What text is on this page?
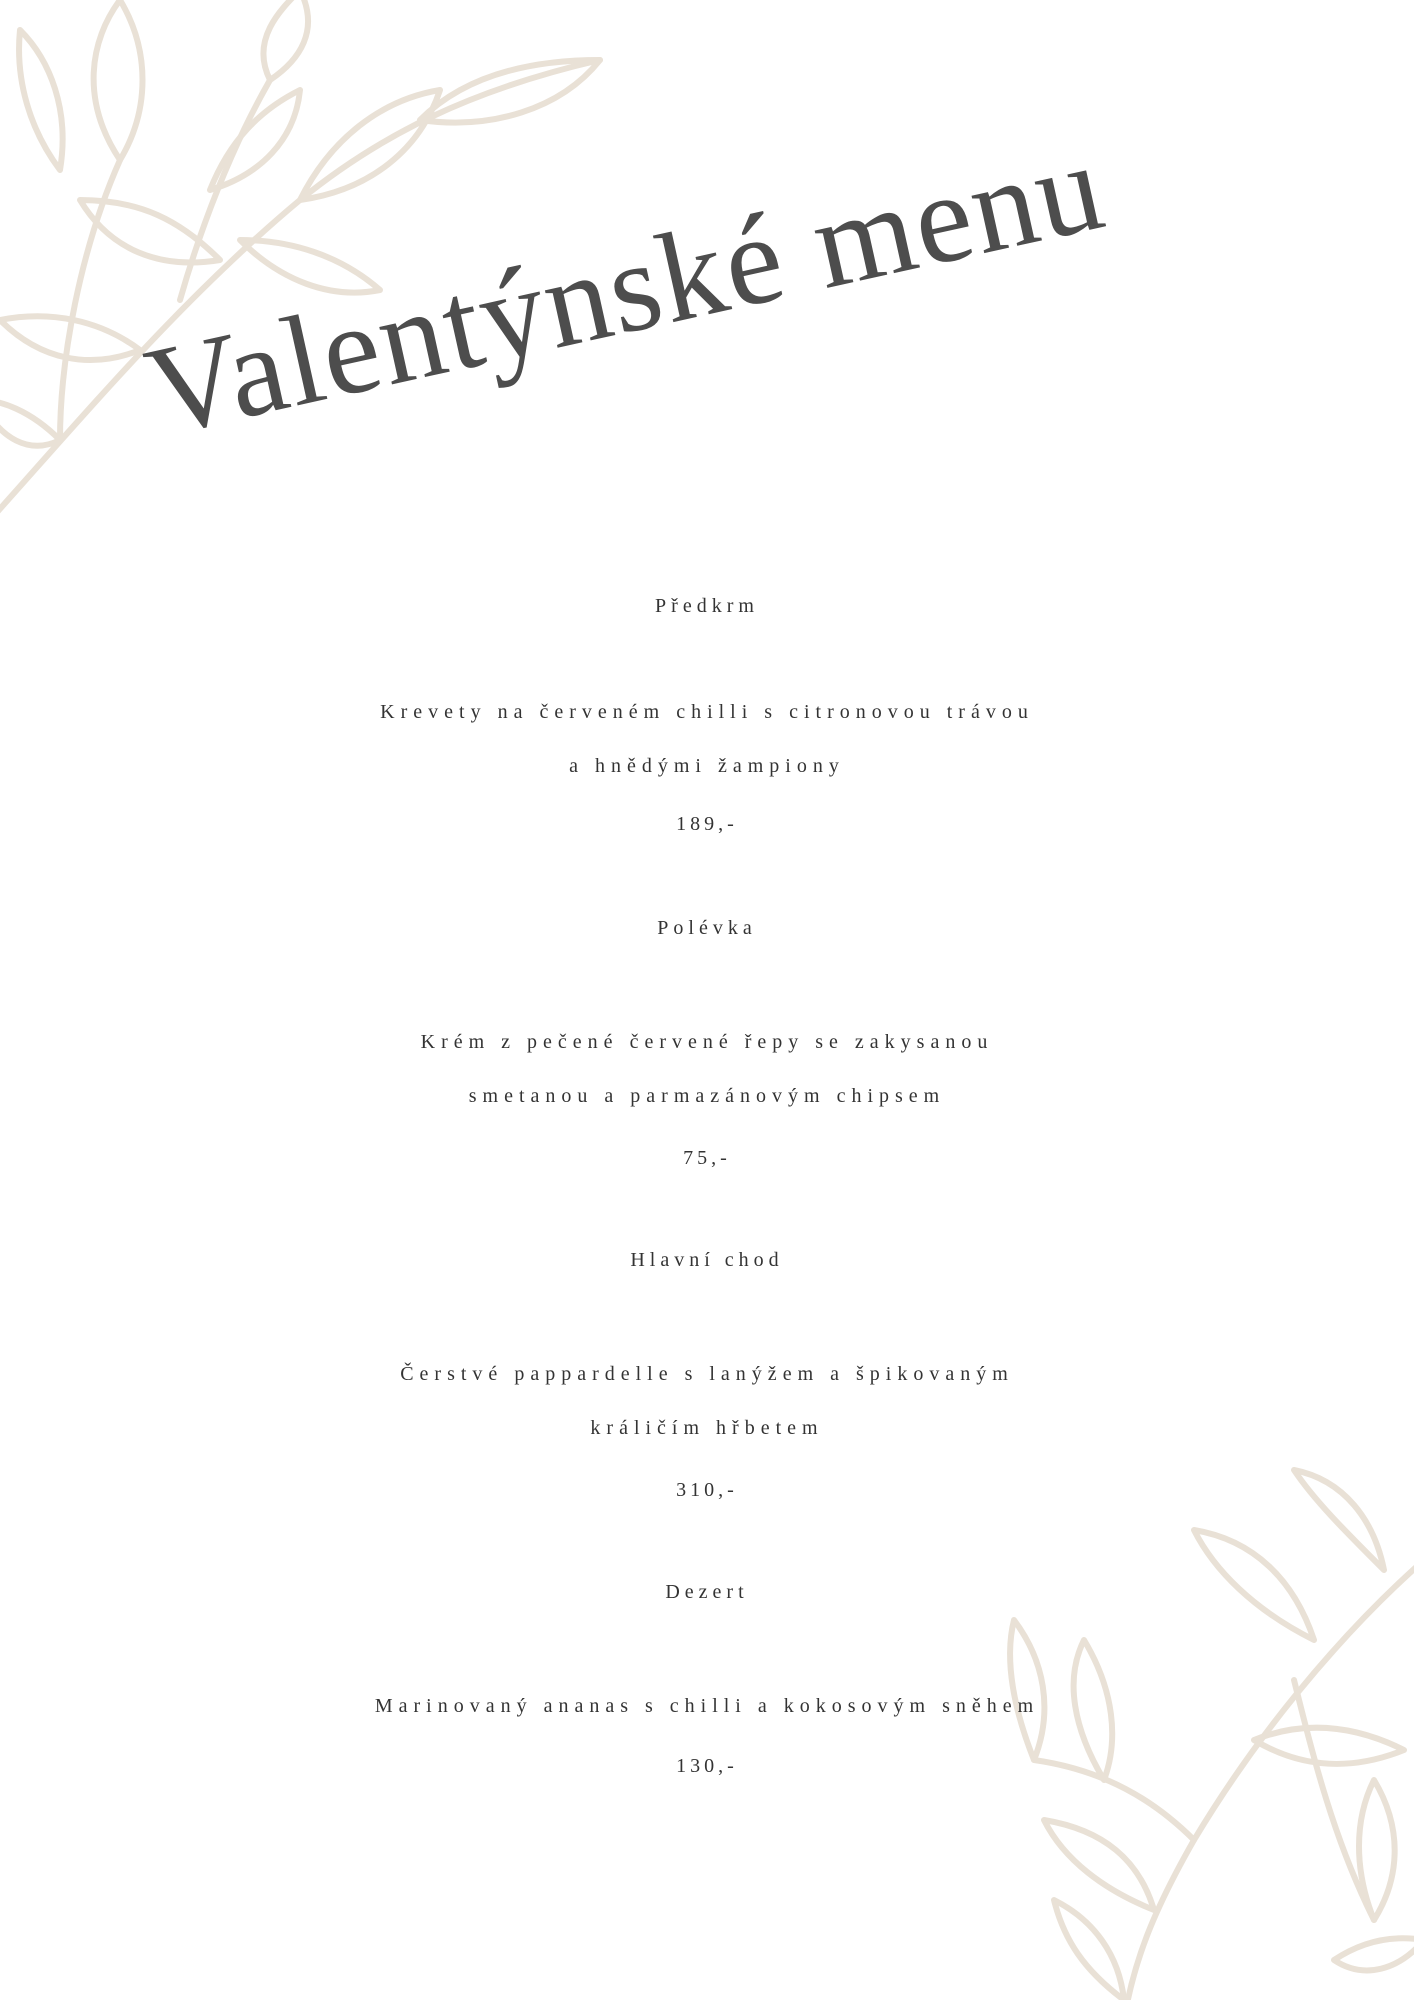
Valentýnské menu
Předkrm
Krevety na červeném chilli s citronovou trávou
a hnědými žampiony
189,-
Polévka
Krém z pečené červené řepy se zakysanou
smetanou a parmazánovým chipsem
75,-
Hlavní chod
Čerstvé pappardelle s lanýžem a špikovaným
králičím hřbetem
310,-
Dezert
Marinovaný ananas s chilli a kokosovým sněhem
130,-
